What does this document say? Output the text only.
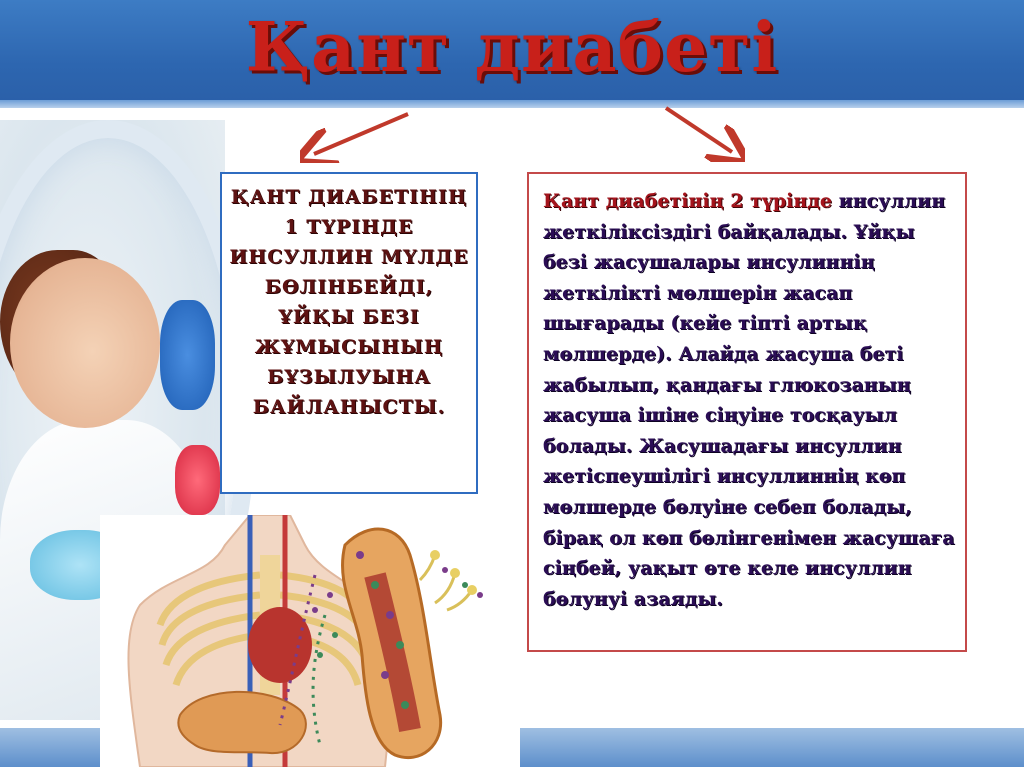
Қант диабеті
ҚАНТ ДИАБЕТІНІҢ 1 ТҮРІНДЕ ИНСУЛЛИН МҮЛДЕ БӨЛІНБЕЙДІ, ҰЙҚЫ БЕЗІ ЖҰМЫСЫНЫҢ БҰЗЫЛУЫНА БАЙЛАНЫСТЫ.
Қант диабетінің 2 түрінде инсуллин жеткіліксіздігі байқалады. Ұйқы безі жасушалары инсулиннің жеткілікті мөлшерін жасап шығарады (кейе тіпті артық мөлшерде). Алайда жасуша беті жабылып, қандағы глюкозаның жасуша ішіне сіңуіне тосқауыл болады. Жасушадағы инсуллин жетіспеушілігі инсуллиннің көп мөлшерде бөлуіне себеп болады, бірақ ол көп бөлінгенімен жасушаға сіңбей, уақыт өте келе инсуллин бөлунуі азаяды.
